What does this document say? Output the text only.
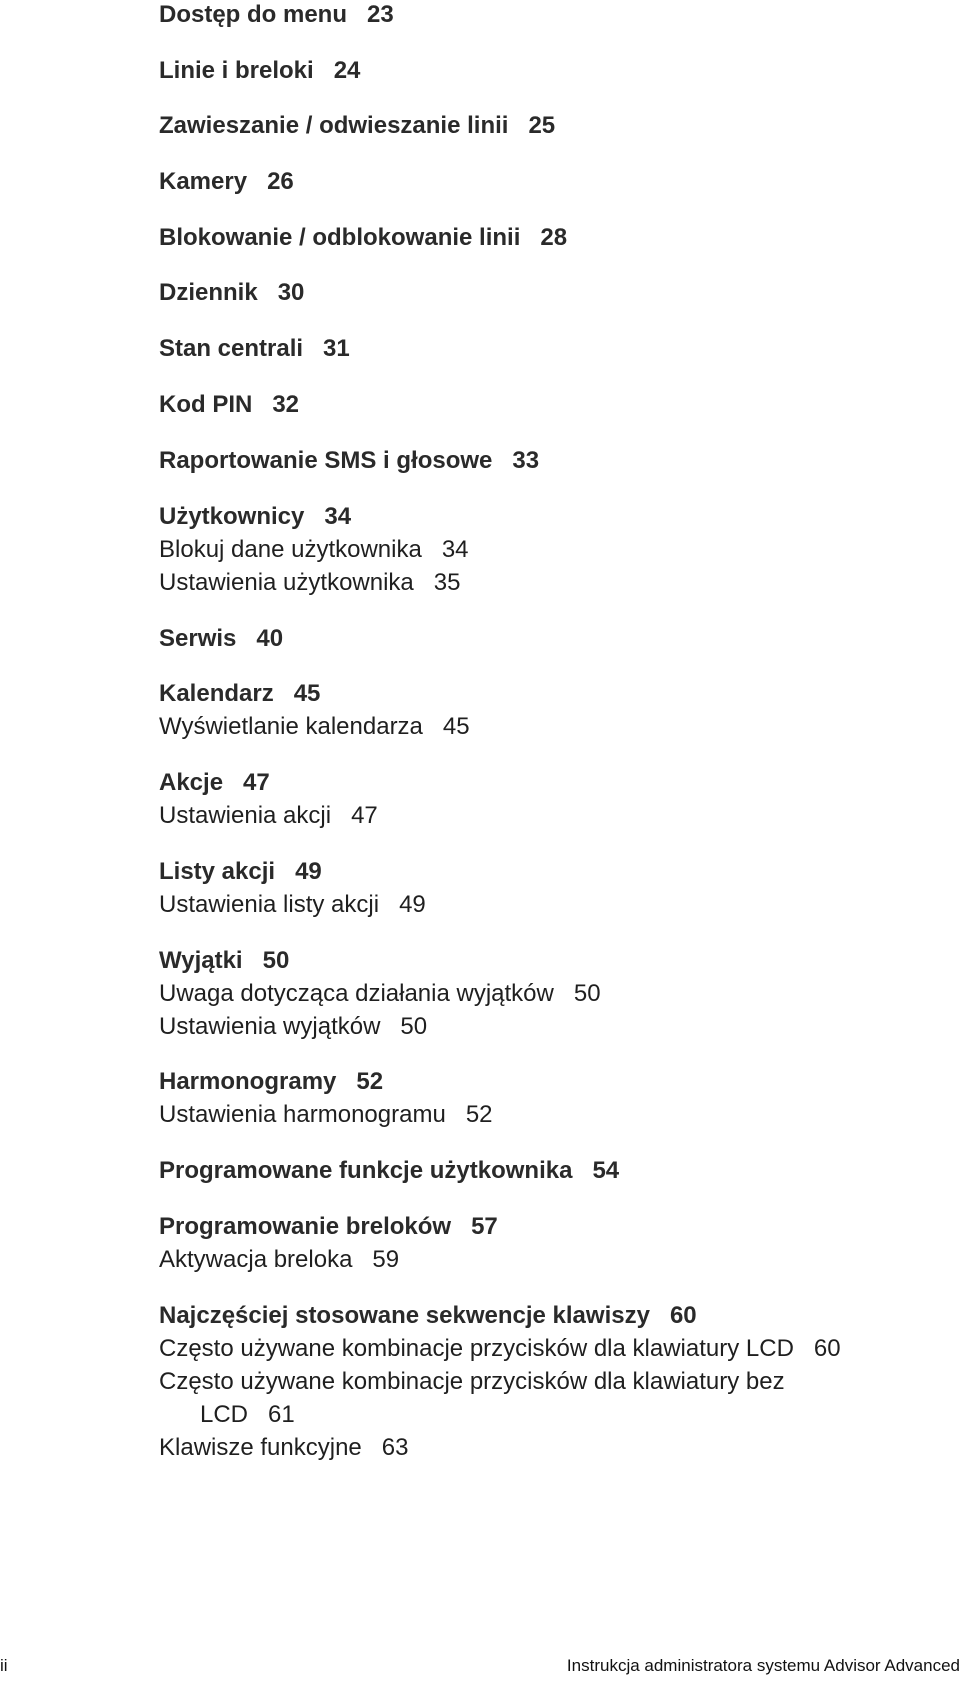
Dostęp do menu 23
Linie i breloki 24
Zawieszanie / odwieszanie linii 25
Kamery 26
Blokowanie / odblokowanie linii 28
Dziennik 30
Stan centrali 31
Kod PIN 32
Raportowanie SMS i głosowe 33
Użytkownicy 34
Blokuj dane użytkownika 34
Ustawienia użytkownika 35
Serwis 40
Kalendarz 45
Wyświetlanie kalendarza 45
Akcje 47
Ustawienia akcji 47
Listy akcji 49
Ustawienia listy akcji 49
Wyjątki 50
Uwaga dotycząca działania wyjątków 50
Ustawienia wyjątków 50
Harmonogramy 52
Ustawienia harmonogramu 52
Programowane funkcje użytkownika 54
Programowanie breloków 57
Aktywacja breloka 59
Najczęściej stosowane sekwencje klawiszy 60
Często używane kombinacje przycisków dla klawiatury LCD 60
Często używane kombinacje przycisków dla klawiatury bez
LCD 61
Klawisze funkcyjne 63
ii	Instrukcja administratora systemu Advisor Advanced
